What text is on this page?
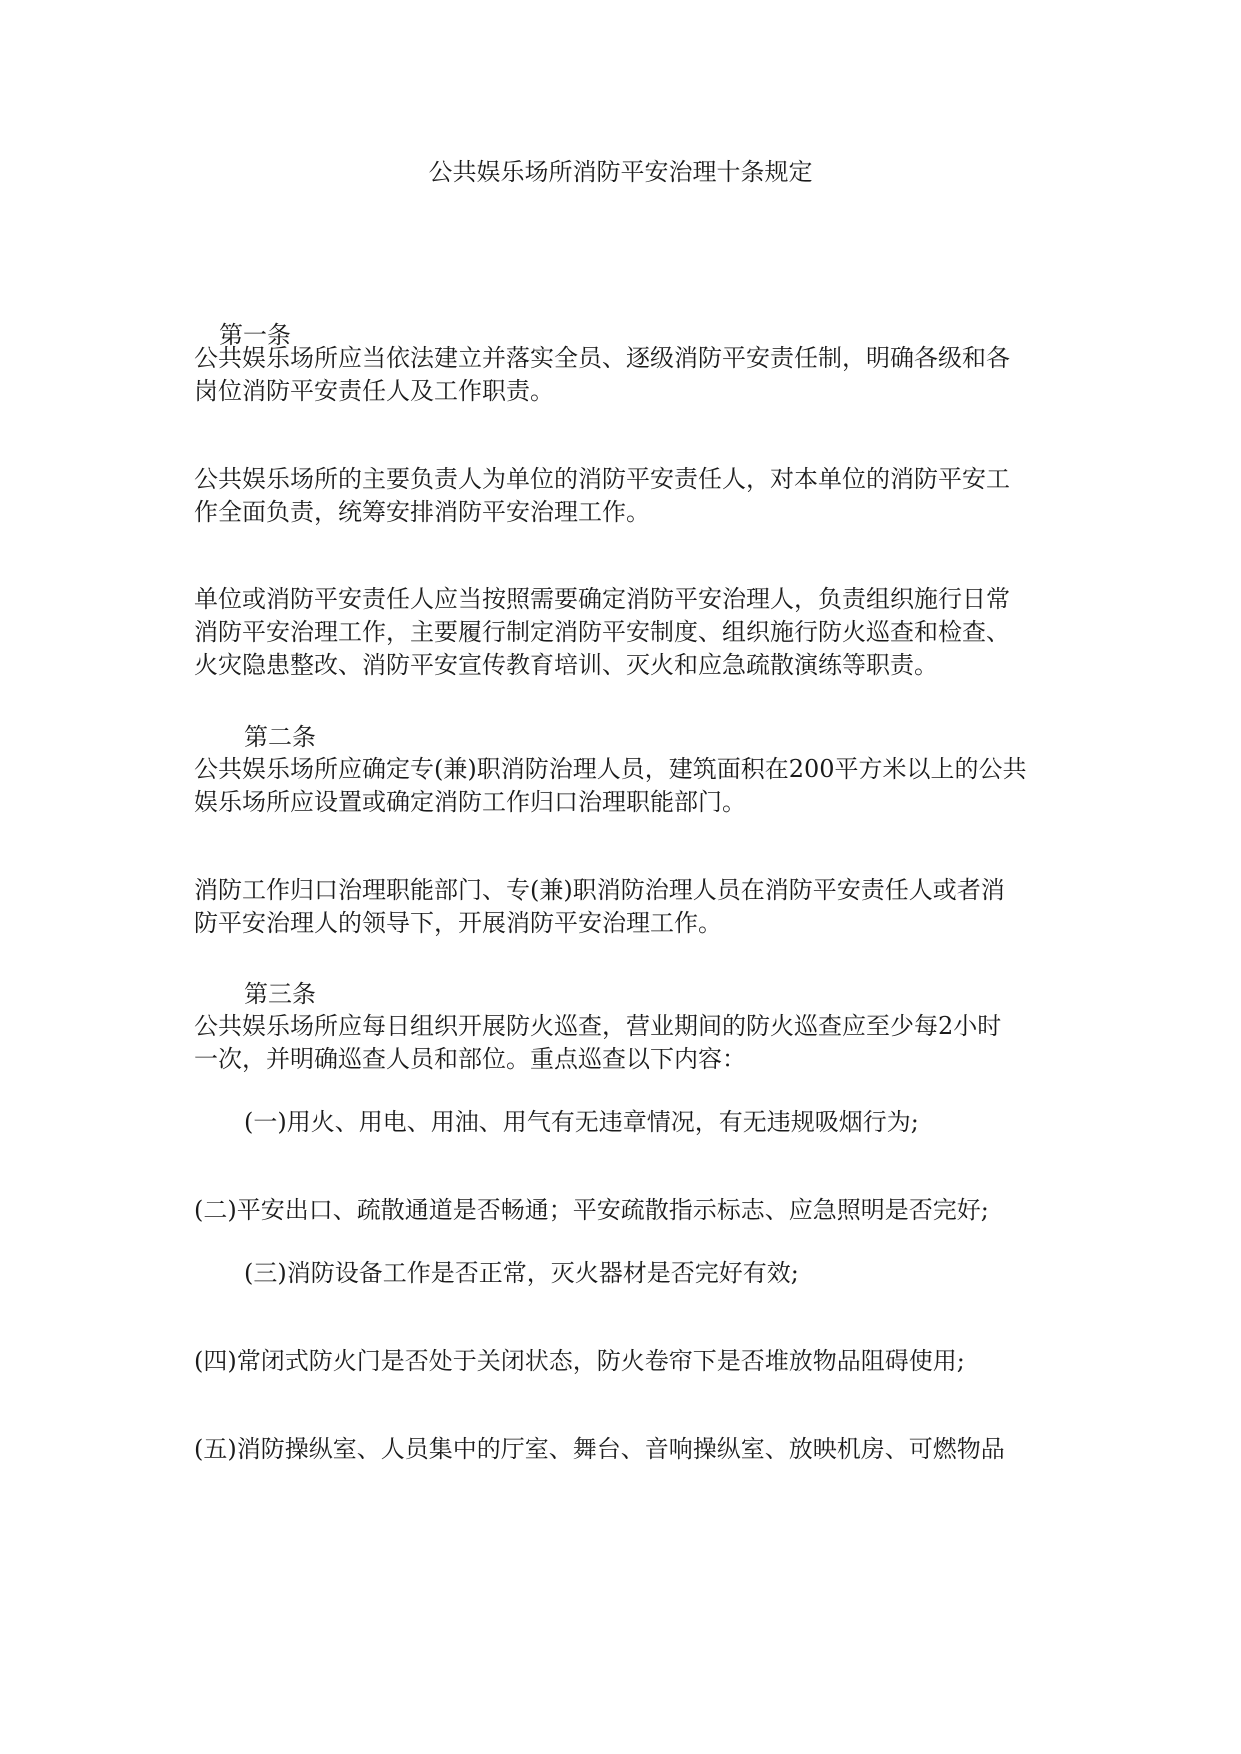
公共娱乐场所消防平安治理十条规定

第一条

公共娱乐场所应当依法建立并落实全员、逐级消防平安责任制，明确各级和各

岗位消防平安责任人及工作职责。

公共娱乐场所的主要负责人为单位的消防平安责任人，对本单位的消防平安工

作全面负责，统筹安排消防平安治理工作。

单位或消防平安责任人应当按照需要确定消防平安治理人，负责组织施行日常

消防平安治理工作，主要履行制定消防平安制度、组织施行防火巡查和检查、

火灾隐患整改、消防平安宣传教育培训、灭火和应急疏散演练等职责。

第二条

公共娱乐场所应确定专(兼)职消防治理人员，建筑面积在200平方米以上的公共

娱乐场所应设置或确定消防工作归口治理职能部门。

消防工作归口治理职能部门、专(兼)职消防治理人员在消防平安责任人或者消

防平安治理人的领导下，开展消防平安治理工作。

第三条

公共娱乐场所应每日组织开展防火巡查，营业期间的防火巡查应至少每2小时

一次，并明确巡查人员和部位。重点巡查以下内容：

(一)用火、用电、用油、用气有无违章情况，有无违规吸烟行为;

(二)平安出口、疏散通道是否畅通；平安疏散指示标志、应急照明是否完好;

(三)消防设备工作是否正常，灭火器材是否完好有效;

(四)常闭式防火门是否处于关闭状态，防火卷帘下是否堆放物品阻碍使用;

(五)消防操纵室、人员集中的厅室、舞台、音响操纵室、放映机房、可燃物品
